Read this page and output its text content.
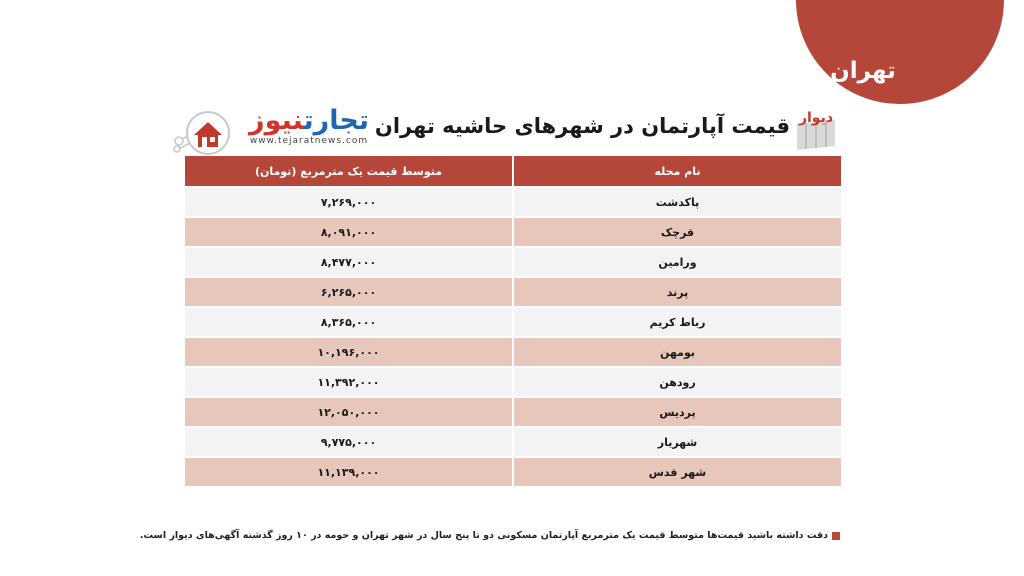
تهران
دیوار
قیمت آپارتمان در شهرهای حاشیه تهران
تجارتنیوز
www.tejaratnews.com
نام محله	متوسط قیمت یک مترمربع (تومان)
پاکدشت	۷,۲۶۹,۰۰۰
قرچک	۸,۰۹۱,۰۰۰
ورامین	۸,۴۷۷,۰۰۰
پرند	۶,۲۶۵,۰۰۰
رباط کریم	۸,۳۶۵,۰۰۰
بومهن	۱۰,۱۹۶,۰۰۰
رودهن	۱۱,۳۹۲,۰۰۰
پردیس	۱۲,۰۵۰,۰۰۰
شهریار	۹,۷۷۵,۰۰۰
شهر قدس	۱۱,۱۳۹,۰۰۰
دقت داشته باشید قیمت‌ها متوسط قیمت یک مترمربع آپارتمان مسکونی دو تا پنج سال در شهر تهران و حومه در ۱۰ روز گذشته آگهی‌های دیوار است.
